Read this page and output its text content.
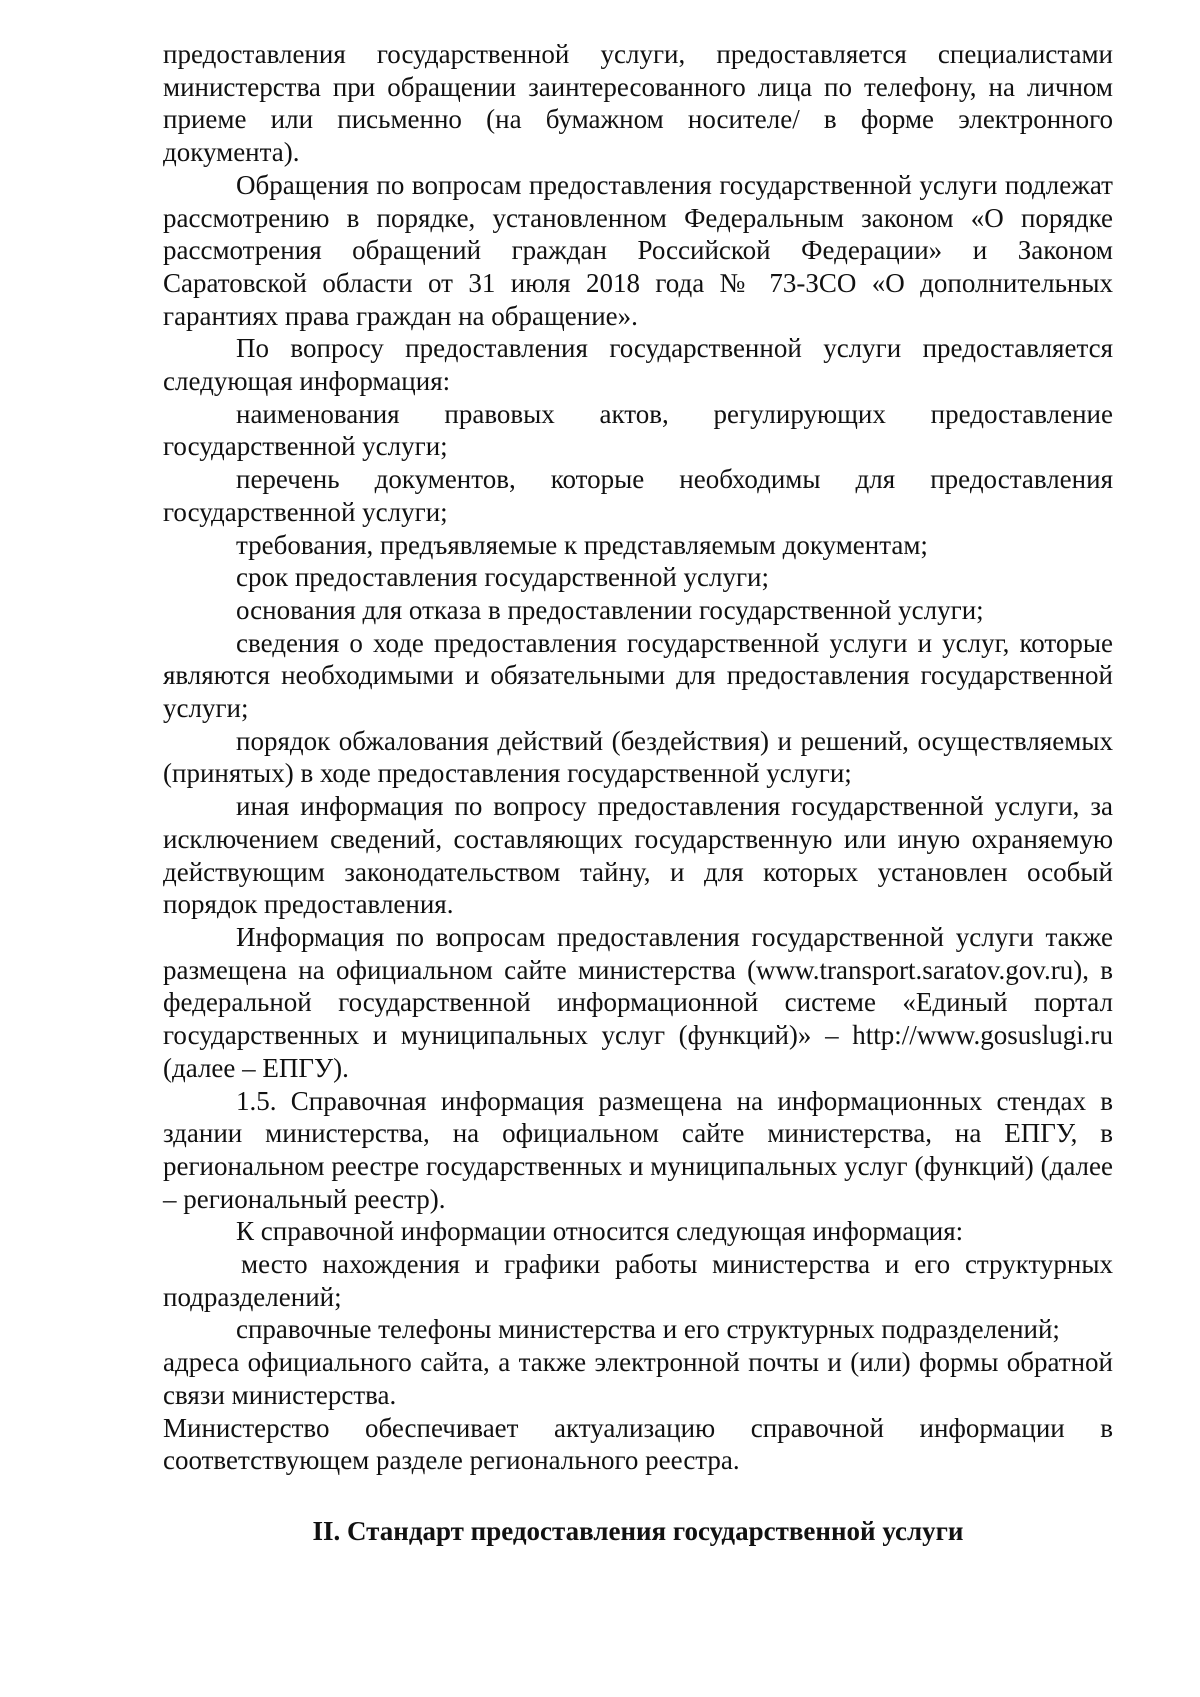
предоставления государственной услуги, предоставляется специалистами министерства при обращении заинтересованного лица по телефону, на личном приеме или письменно (на бумажном носителе/ в форме электронного документа).

Обращения по вопросам предоставления государственной услуги подлежат рассмотрению в порядке, установленном Федеральным законом «О порядке рассмотрения обращений граждан Российской Федерации» и Законом Саратовской области от 31 июля 2018 года № 73-ЗСО «О дополнительных гарантиях права граждан на обращение».

По вопросу предоставления государственной услуги предоставляется следующая информация:

наименования правовых актов, регулирующих предоставление государственной услуги;

перечень документов, которые необходимы для предоставления государственной услуги;

требования, предъявляемые к представляемым документам;

срок предоставления государственной услуги;

основания для отказа в предоставлении государственной услуги;

сведения о ходе предоставления государственной услуги и услуг, которые являются необходимыми и обязательными для предоставления государственной услуги;

порядок обжалования действий (бездействия) и решений, осуществляемых (принятых) в ходе предоставления государственной услуги;

иная информация по вопросу предоставления государственной услуги, за исключением сведений, составляющих государственную или иную охраняемую действующим законодательством тайну, и для которых установлен особый порядок предоставления.

Информация по вопросам предоставления государственной услуги также размещена на официальном сайте министерства (www.transport.saratov.gov.ru), в федеральной государственной информационной системе «Единый портал государственных и муниципальных услуг (функций)» – http://www.gosuslugi.ru (далее – ЕПГУ).

1.5. Справочная информация размещена на информационных стендах в здании министерства, на официальном сайте министерства, на ЕПГУ, в региональном реестре государственных и муниципальных услуг (функций) (далее – региональный реестр).

К справочной информации относится следующая информация:

место нахождения и графики работы министерства и его структурных подразделений;

справочные телефоны министерства и его структурных подразделений;

адреса официального сайта, а также электронной почты и (или) формы обратной связи министерства.

Министерство обеспечивает актуализацию справочной информации в соответствующем разделе регионального реестра.

II. Стандарт предоставления государственной услуги
